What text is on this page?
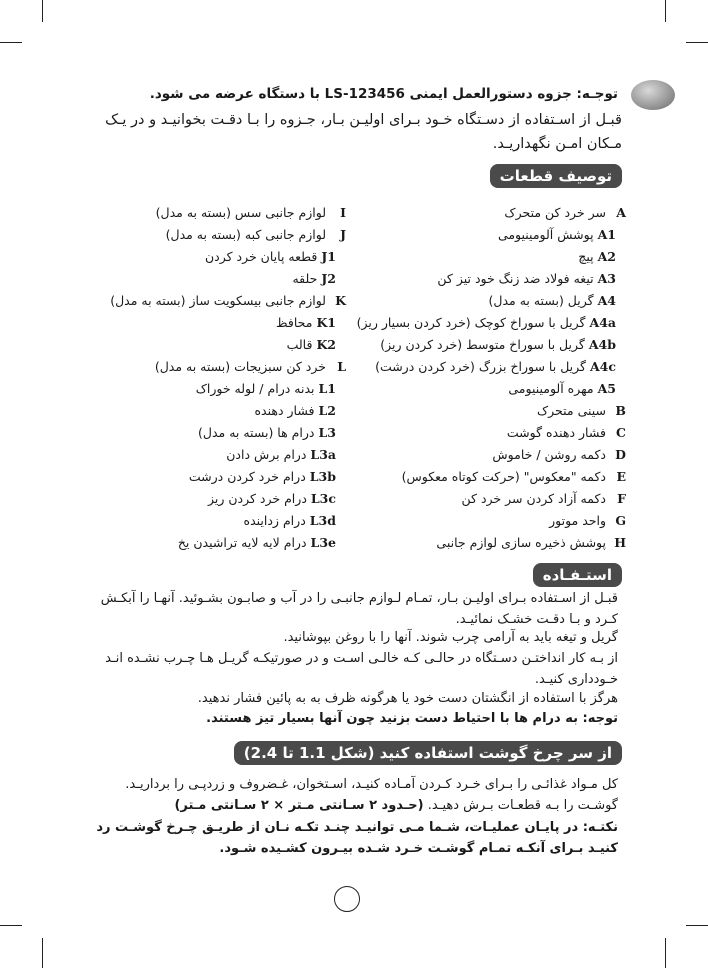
توجـه: جزوه دستورالعمل ایمنی LS-123456 با دستگاه عرضه می شود.
قبـل از اسـتفاده از دسـتگاه خـود بـرای اولیـن بـار، جـزوه را بـا دقـت بخوانیـد و در یـک مـکان امـن نگهداریـد.
توصیف قطعات
Aسر خرد کن متحرک
A1پوشش آلومینیومی
A2پیچ
A3تیغه فولاد ضد زنگ خود تیز کن
A4گریل (بسته به مدل)
A4aگریل با سوراخ کوچک (خرد کردن بسیار ریز)
A4bگریل با سوراخ متوسط (خرد کردن ریز)
A4cگریل با سوراخ بزرگ (خرد کردن درشت)
A5مهره آلومینیومی
Bسینی متحرک
Cفشار دهنده گوشت
Dدکمه روشن / خاموش
Eدکمه "معکوس" (حرکت کوتاه معکوس)
Fدکمه آزاد کردن سر خرد کن
Gواحد موتور
Hپوشش ذخیره سازی لوازم جانبی
Iلوازم جانبی سس (بسته به مدل)
Jلوازم جانبی کبه (بسته به مدل)
J1قطعه پایان خرد کردن
J2حلقه
Kلوازم جانبی بیسکویت ساز (بسته به مدل)
K1محافظ
K2قالب
Lخرد کن سبزیجات (بسته به مدل)
L1بدنه درام / لوله خوراک
L2فشار دهنده
L3درام ها (بسته به مدل)
L3aدرام برش دادن
L3bدرام خرد کردن درشت
L3cدرام خرد کردن ریز
L3dدرام زداینده
L3eدرام لایه لایه تراشیدن یخ
استـفـاده
قبـل از اسـتفاده بـرای اولیـن بـار، تمـام لـوازم جانبـی را در آب و صابـون بشـوئید. آنهـا را آبکـش کـرد و بـا دقـت خشـک نمائیـد.
گریل و تیغه باید به آرامی چرب شوند. آنها را با روغن بپوشانید.
از بـه کار انداختـن دسـتگاه در حالـی کـه خالـی اسـت و در صورتیکـه گریـل هـا چـرب نشـده انـد خـودداری کنیـد.
هرگز با استفاده از انگشتان دست خود یا هرگونه ظرف به به پائین فشار ندهید.
توجه: به درام ها با احتیاط دست بزنید چون آنها بسیار تیز هستند.
از سر چرخ گوشت استفاده کنید (شکل 1.1 تا 2.4)
کل مـواد غذائـی را بـرای خـرد کـردن آمـاده کنیـد، اسـتخوان، غـضروف و زردپـی را برداریـد. گوشـت را بـه قطعـات بـرش دهیـد. (حـدود ۲ سـانتی مـتر × ۲ سـانتی مـتر)
نکتـه: در پایـان عملیـات، شـما مـی توانیـد چنـد تکـه نـان از طریـق چـرخ گوشـت رد کنیـد بـرای آنکـه تمـام گوشـت خـرد شـده بیـرون کشـیده شـود.
